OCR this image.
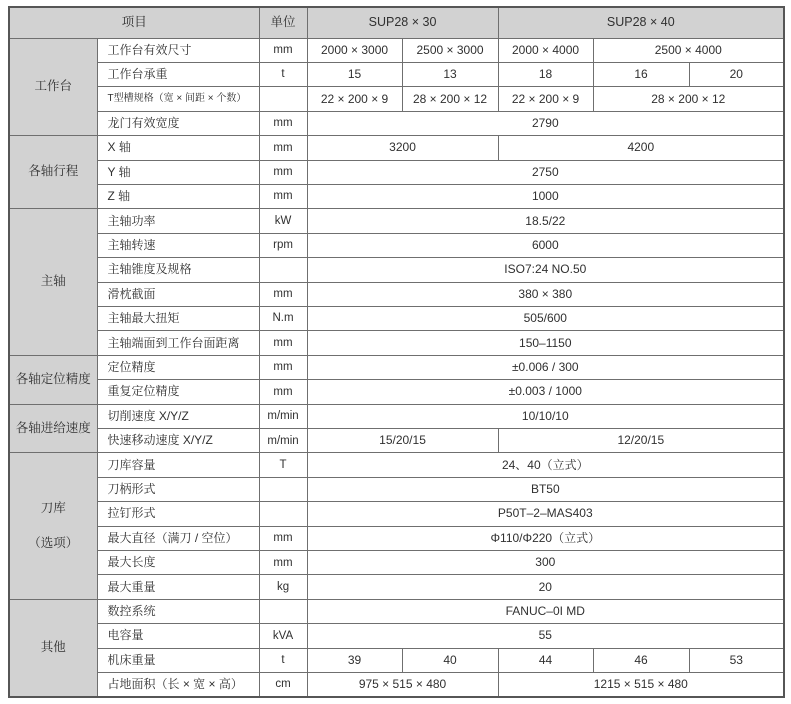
项目		单位	SUP28 × 30		SUP28 × 40		

工作台	工作台有效尺寸	mm	2000 × 3000	2500 × 3000	2000 × 4000	2500 × 4000	
	工作台承重	t	15	13	18	16	20
	T型槽规格（宽 × 间距 × 个数）		22 × 200 × 9	28 × 200 × 12	22 × 200 × 9	28 × 200 × 12	
	龙门有效宽度	mm	2790				

各轴行程	X 轴	mm	3200		4200		
	Y 轴	mm	2750				
	Z 轴	mm	1000				

主轴	主轴功率	kW	18.5/22				
	主轴转速	rpm	6000				
	主轴锥度及规格		ISO7:24 NO.50				
	滑枕截面	mm	380 × 380				
	主轴最大扭矩	N.m	505/600				
	主轴端面到工作台面距离	mm	150–1150				

各轴定位精度	定位精度	mm	±0.006 / 300				
	重复定位精度	mm	±0.003 / 1000				

各轴进给速度	切削速度 X/Y/Z	m/min	10/10/10				
	快速移动速度 X/Y/Z	m/min	15/20/15		12/20/15		

刀库
（选项）	刀库容量	T	24、40（立式）				
	刀柄形式		BT50				
	拉钉形式		P50T–2–MAS403				
	最大直径（满刀 / 空位）	mm	Φ110/Φ220（立式）				
	最大长度	mm	300				
	最大重量	kg	20				

其他	数控系统		FANUC–0I MD				
	电容量	kVA	55				
	机床重量	t	39	40	44	46	53
	占地面积（长 × 宽 × 高）	cm	975 × 515 × 480		1215 × 515 × 480		
